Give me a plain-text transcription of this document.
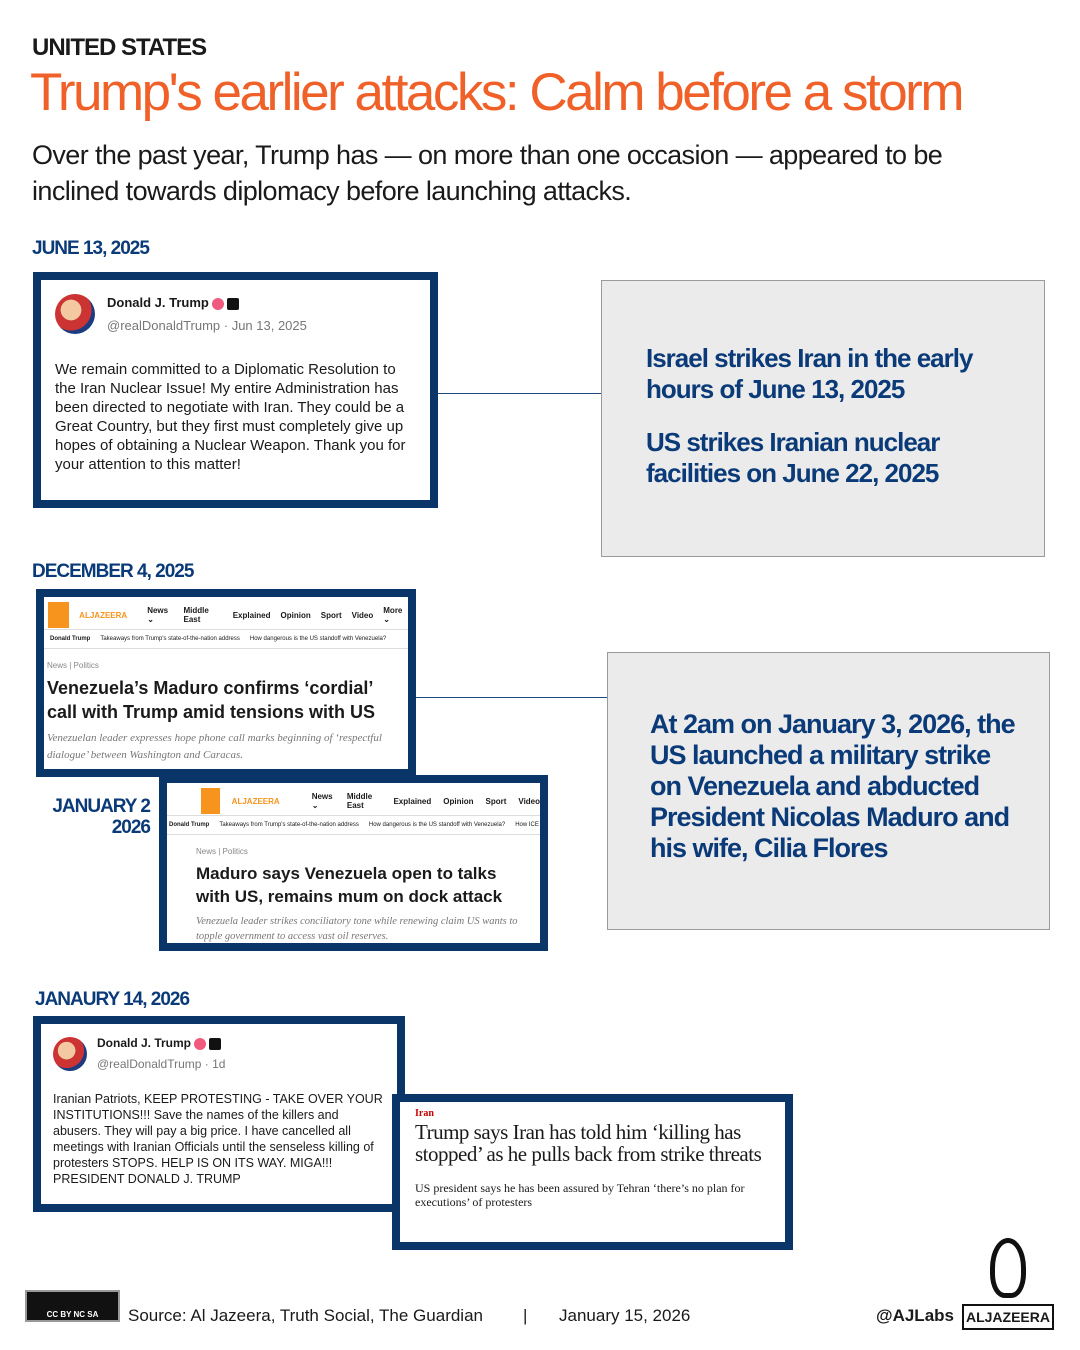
UNITED STATES
Trump's earlier attacks: Calm before a storm
Over the past year, Trump has — on more than one occasion — appeared to be inclined towards diplomacy before launching attacks.
JUNE 13, 2025
Donald J. Trump
@realDonaldTrump · Jun 13, 2025
We remain committed to a Diplomatic Resolution to the Iran Nuclear Issue! My entire Administration has been directed to negotiate with Iran. They could be a Great Country, but they first must completely give up hopes of obtaining a Nuclear Weapon. Thank you for your attention to this matter!

Israel strikes Iran in the early hours of June 13, 2025

US strikes Iranian nuclear facilities on June 22, 2025

DECEMBER 4, 2025
ALJAZEERA	News ⌄
Middle East	Explained Opinion Sport Video More ⌄
Donald Trump Takeaways from Trump's state-of-the-nation address How dangerous is the US standoff with Venezuela?
News | Politics
Venezuela’s Maduro confirms ‘cordial’ call with Trump amid tensions with US
Venezuelan leader expresses hope phone call marks beginning of ‘respectful dialogue’ between Washington and Caracas.

At 2am on January 3, 2026, the US launched a military strike on Venezuela and abducted President Nicolas Maduro and his wife, Cilia Flores

JANUARY 2
2026
ALJAZEERA	News ⌄
Middle East	Explained Opinion Sport Video
Donald Trump Takeaways from Trump's state-of-the-nation address How dangerous is the US standoff with Venezuela? How ICE
News | Politics
Maduro says Venezuela open to talks with US, remains mum on dock attack
Venezuela leader strikes conciliatory tone while renewing claim US wants to topple government to access vast oil reserves.
JANAURY 14, 2026
Donald J. Trump
@realDonaldTrump · 1d
Iranian Patriots, KEEP PROTESTING - TAKE OVER YOUR INSTITUTIONS!!! Save the names of the killers and abusers. They will pay a big price. I have cancelled all meetings with Iranian Officials until the senseless killing of protesters STOPS. HELP IS ON ITS WAY. MIGA!!! PRESIDENT DONALD J. TRUMP
Iran
Trump says Iran has told him ‘killing has stopped’ as he pulls back from strike threats
US president says he has been assured by Tehran ‘there’s no plan for executions’ of protesters
CC BY NC SA Source: Al Jazeera, Truth Social, The Guardian | January 15, 2026	@AJLabs ALJAZEERA
